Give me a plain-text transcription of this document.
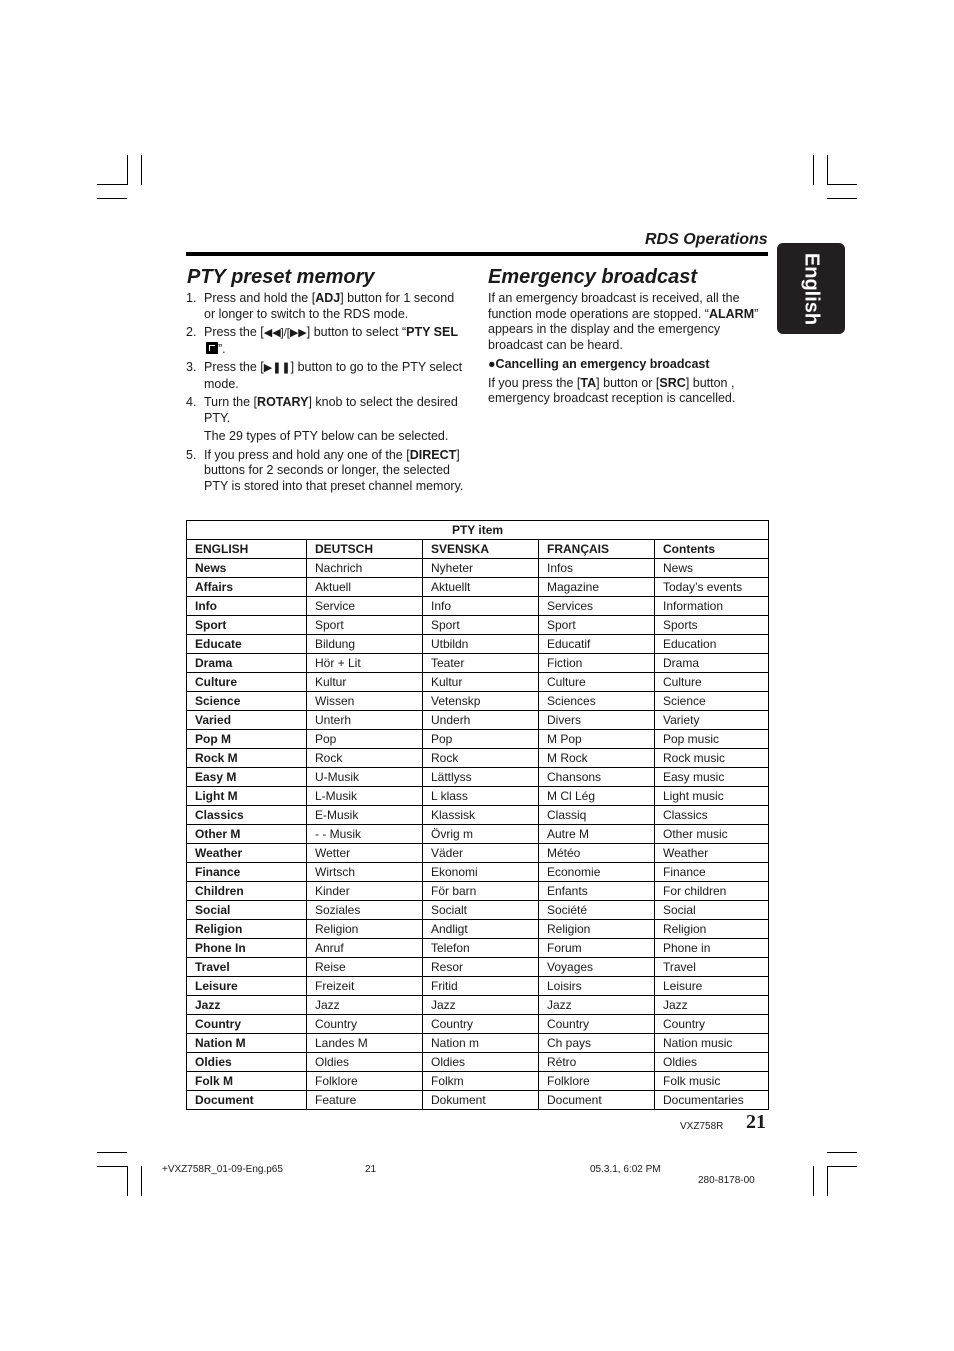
RDS Operations
English
PTY preset memory
1. Press and hold the [ADJ] button for 1 second or longer to switch to the RDS mode.
2. Press the [◀◀]/[▶▶] button to select “PTY SEL”.
3. Press the [▶❚❚] button to go to the PTY select mode.
4. Turn the [ROTARY] knob to select the desired PTY.
The 29 types of PTY below can be selected.
5. If you press and hold any one of the [DIRECT] buttons for 2 seconds or longer, the selected PTY is stored into that preset channel memory.
Emergency broadcast

If an emergency broadcast is received, all the function mode operations are stopped. “ALARM” appears in the display and the emergency broadcast can be heard.

●Cancelling an emergency broadcast

If you press the [TA] button or [SRC] button , emergency broadcast reception is cancelled.

PTY item				
ENGLISH	DEUTSCH	SVENSKA	FRANÇAIS	Contents
News	Nachrich	Nyheter	Infos	News
Affairs	Aktuell	Aktuellt	Magazine	Today’s events
Info	Service	Info	Services	Information
Sport	Sport	Sport	Sport	Sports
Educate	Bildung	Utbildn	Educatif	Education
Drama	Hör + Lit	Teater	Fiction	Drama
Culture	Kultur	Kultur	Culture	Culture
Science	Wissen	Vetenskp	Sciences	Science
Varied	Unterh	Underh	Divers	Variety
Pop M	Pop	Pop	M Pop	Pop music
Rock M	Rock	Rock	M Rock	Rock music
Easy M	U-Musik	Lättlyss	Chansons	Easy music
Light M	L-Musik	L klass	M Cl Lég	Light music
Classics	E-Musik	Klassisk	Classiq	Classics
Other M	- - Musik	Övrig m	Autre M	Other music
Weather	Wetter	Väder	Météo	Weather
Finance	Wirtsch	Ekonomi	Economie	Finance
Children	Kinder	För barn	Enfants	For children
Social	Soziales	Socialt	Société	Social
Religion	Religion	Andligt	Religion	Religion
Phone In	Anruf	Telefon	Forum	Phone in
Travel	Reise	Resor	Voyages	Travel
Leisure	Freizeit	Fritid	Loisirs	Leisure
Jazz	Jazz	Jazz	Jazz	Jazz
Country	Country	Country	Country	Country
Nation M	Landes M	Nation m	Ch pays	Nation music
Oldies	Oldies	Oldies	Rétro	Oldies
Folk M	Folklore	Folkm	Folklore	Folk music
Document	Feature	Dokument	Document	Documentaries
VXZ758R 21
+VXZ758R_01-09-Eng.p65	21	05.3.1, 6:02 PM
280-8178-00
